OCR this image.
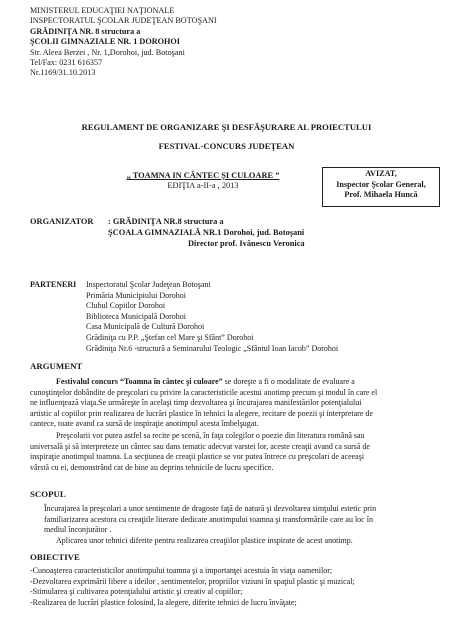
MINISTERUL EDUCAŢIEI NAŢIONALE
INSPECTORATUL ŞCOLAR JUDEŢEAN BOTOŞANI
GRĂDINIŢA NR. 8 structura a
ŞCOLII GIMNAZIALE NR. 1 DOROHOI
Str. Aleea Berzei , Nr. 1,Dorohoi, jud. Botoşani
Tel/Fax: 0231 616357
Nr.1169/31.10.2013
REGULAMENT DE ORGANIZARE ŞI DESFĂŞURARE AL PROIECTULUI
FESTIVAL-CONCURS JUDEŢEAN
„ TOAMNA IN CÂNTEC ŞI CULOARE ”
EDIŢIA a-II-a , 2013
AVIZAT,
Inspector Şcolar General,
Prof. Mihaela Huncă
ORGANIZATOR : GRĂDINIŢA NR.8 structura a
ŞCOALA GIMNAZIALĂ NR.1 Dorohoi, jud. Botoşani
Director prof. Ivănescu Veronica
PARTENERI Inspectoratul Şcolar Judeţean Botoşani
Primăria Municipiului Dorohoi
Clubul Copiilor Dorohoi
Biblioteca Municipală Dorohoi
Casa Municipală de Cultură Dorohoi
Grădiniţa cu P.P. „Ştefan cel Mare şi Sfânt” Dorohoi
Grădiniţa Nr.6 -structură a Seminarului Teologic „Sfântul Ioan Iacob” Dorohoi
ARGUMENT
Festivalul concurs “Toamna în cântec şi culoare” se doreşte a fi o modalitate de evaluare a
cunoştinţelor dobândite de preşcolari cu privire la caracteristicile acestui anotimp precum şi modul în care el
ne influenţează viaţa.Se urmăreşte în acelaşi timp dezvoltarea şi încurajarea manifestărilor potenţialului
artistic al copiilor prin realizarea de lucrări plastice în tehnici la alegere, recitare de poezii şi interpretare de
cantece, toate avand ca sursă de inspiraţie anotimpul acesta îmbelşugat.
Preşcolarii vor putea astfel sa recite pe scenă, în faţa colegilor o poezie din literatura română sau
universală şi să interpreteze un cântec sau dans tematic adecvat varstei lor, aceste creaţii avand ca sursă de
inspiraţie anotimpul toamna. La secţiunea de creaţii plastice se vor putea întrece cu preşcolari de aceeaşi
vârstă cu ei, demonstrând cat de bine au deprins tehnicile de lucru specifice.
SCOPUL
Încurajarea la preşcolari a unor sentimente de dragoste faţă de natură şi dezvoltarea simţului estetic prin
familiarizarea acestora cu creaţiile literare dedicate anotimpului toamna şi transformările care au loc în
mediul înconjurător .
Aplicarea unor tehnici diferite pentru realizarea creaţiilor plastice inspirate de acest anotimp.
OBIECTIVE
-Cunoaşterea caracteristicilor anotimpului toamna şi a importanţei acestuia în viaţa oamenilor;
-Dezvoltarea exprimării libere a ideilor , sentimentelor, propriilor viziuni în spaţiul plastic şi muzical;
-Stimularea şi cultivarea potenţialului artistic şi creativ al copiilor;
-Realizarea de lucrări plastice folosind, la alegere, diferite tehnici de lucru învăţate;
